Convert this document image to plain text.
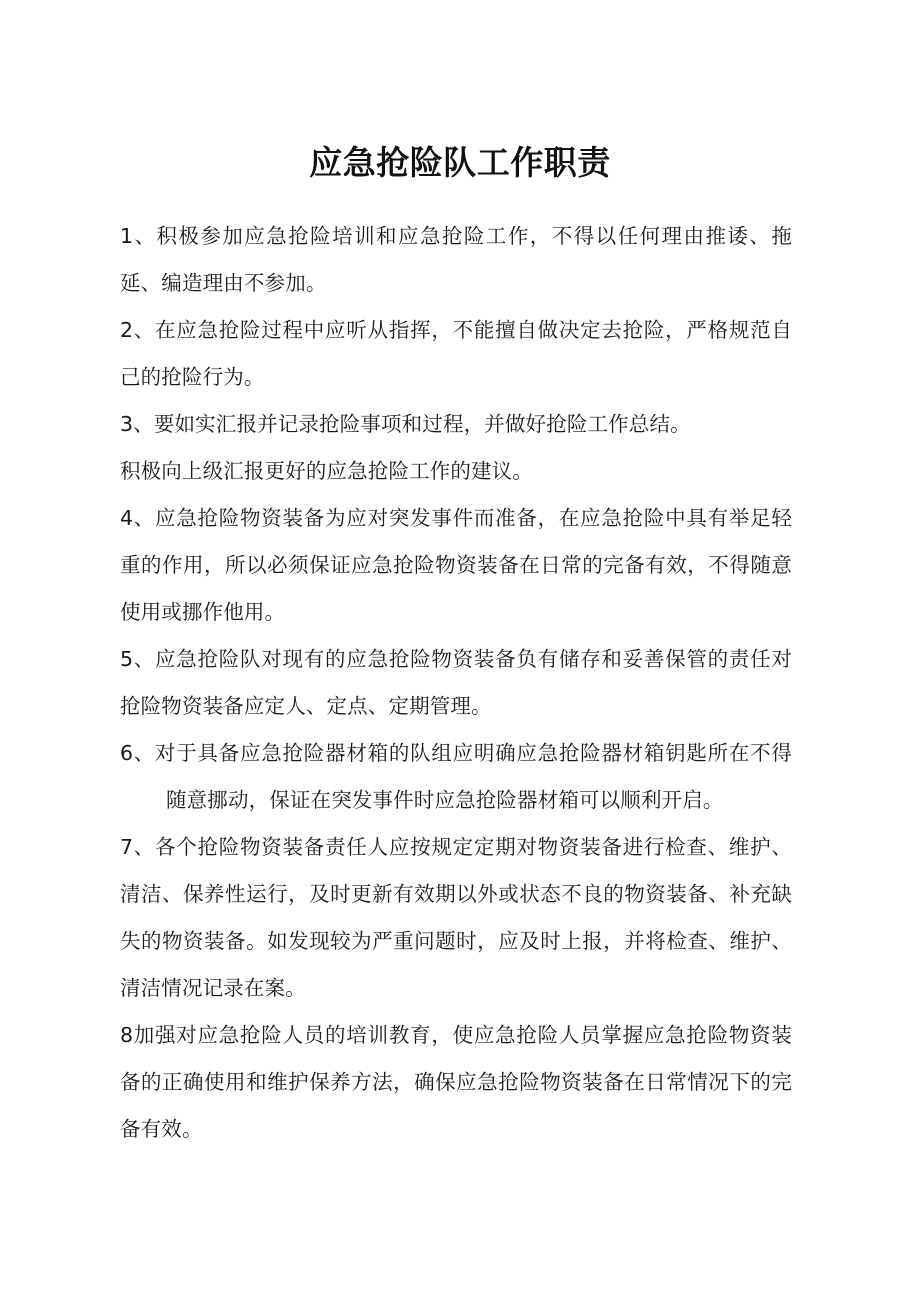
应急抢险队工作职责

1、积极参加应急抢险培训和应急抢险工作，不得以任何理由推诿、拖延、编造理由不参加。

2、在应急抢险过程中应听从指挥，不能擅自做决定去抢险，严格规范自己的抢险行为。

3、要如实汇报并记录抢险事项和过程，并做好抢险工作总结。

积极向上级汇报更好的应急抢险工作的建议。

4、应急抢险物资装备为应对突发事件而准备，在应急抢险中具有举足轻重的作用，所以必须保证应急抢险物资装备在日常的完备有效，不得随意使用或挪作他用。

5、应急抢险队对现有的应急抢险物资装备负有储存和妥善保管的责任对抢险物资装备应定人、定点、定期管理。

6、对于具备应急抢险器材箱的队组应明确应急抢险器材箱钥匙所在不得随意挪动，保证在突发事件时应急抢险器材箱可以顺利开启。

7、各个抢险物资装备责任人应按规定定期对物资装备进行检查、维护、清洁、保养性运行，及时更新有效期以外或状态不良的物资装备、补充缺失的物资装备。如发现较为严重问题时，应及时上报，并将检查、维护、清洁情况记录在案。

8加强对应急抢险人员的培训教育，使应急抢险人员掌握应急抢险物资装备的正确使用和维护保养方法，确保应急抢险物资装备在日常情况下的完备有效。
